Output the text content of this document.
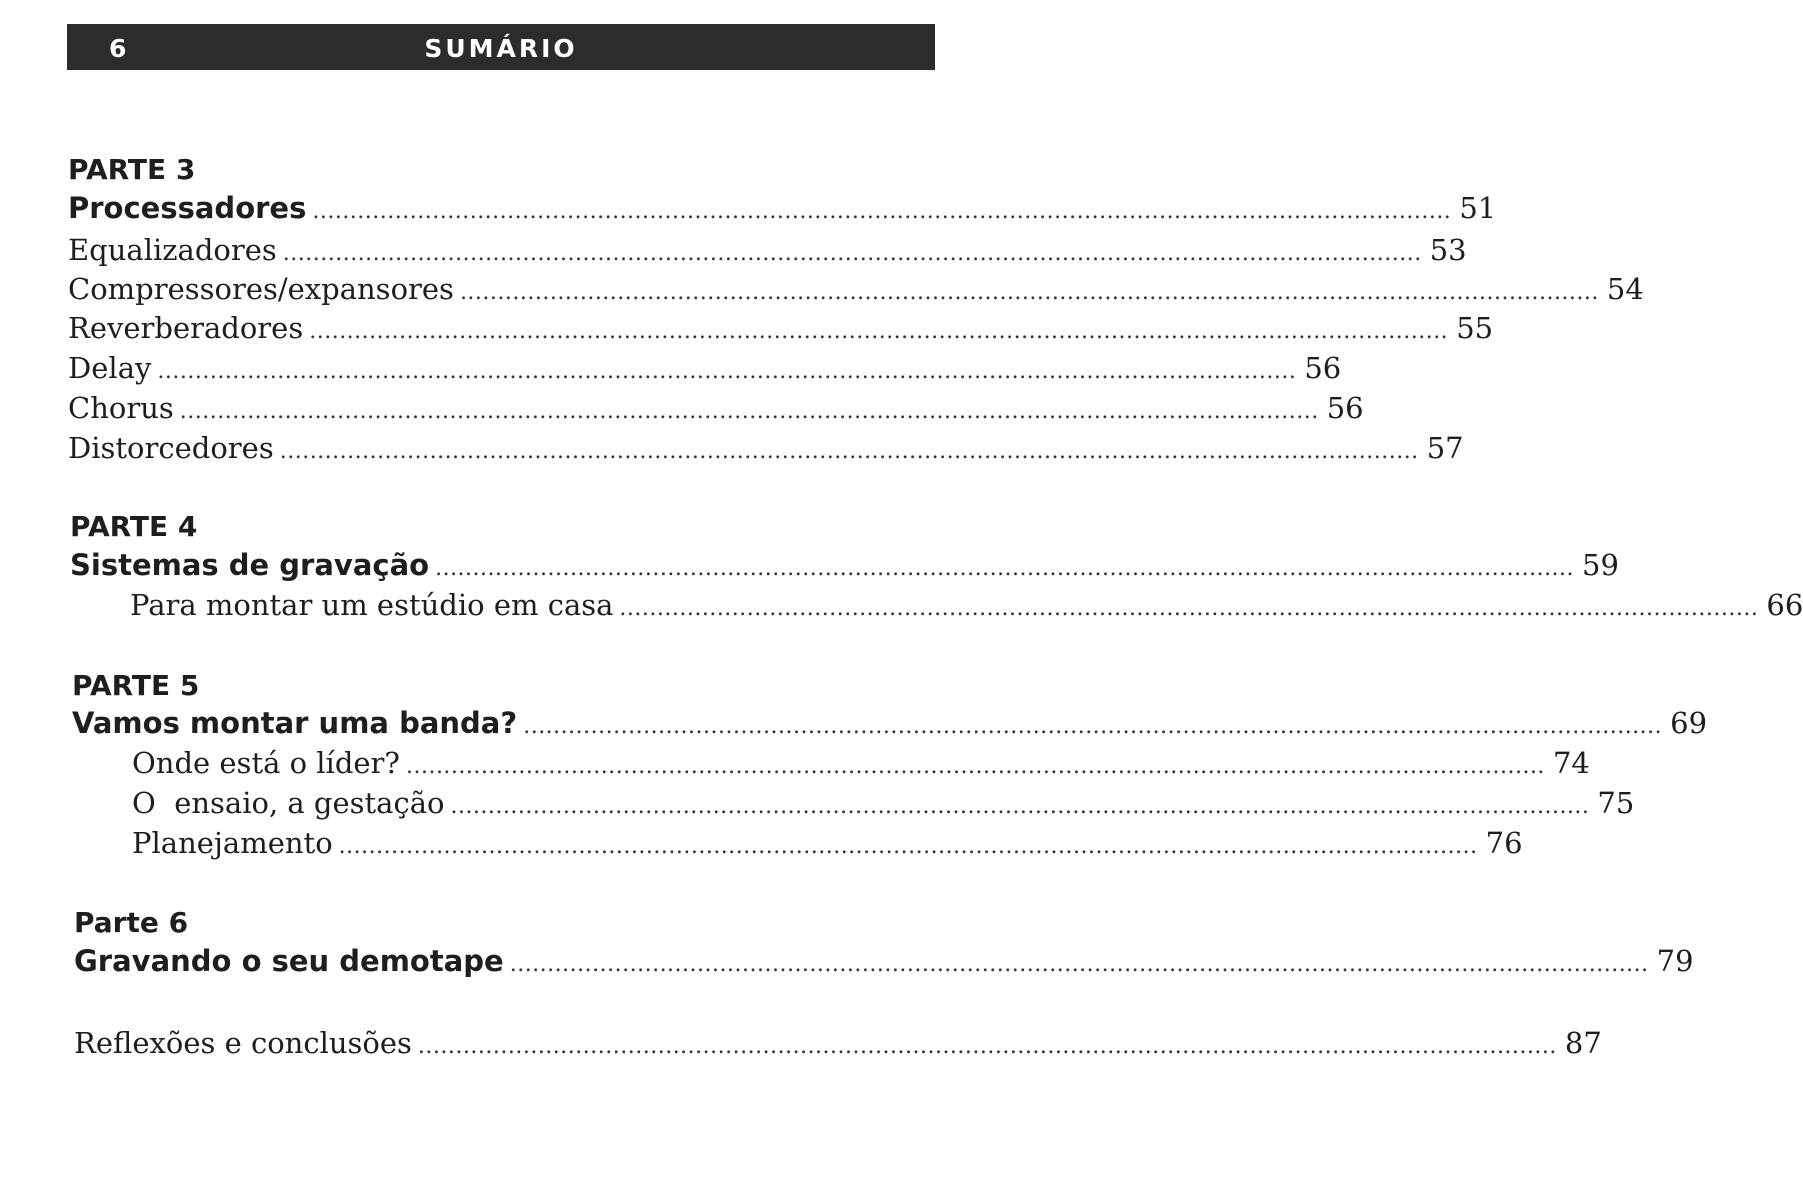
6	SUMÁRIO
PARTE 3
Processadores ........................................................................................................................................................ 51
Equalizadores ........................................................................................................................................................ 53
Compressores/expansores ........................................................................................................................................................ 54
Reverberadores ........................................................................................................................................................ 55
Delay ........................................................................................................................................................ 56
Chorus ........................................................................................................................................................ 56
Distorcedores ........................................................................................................................................................ 57
PARTE 4
Sistemas de gravação ........................................................................................................................................................ 59
Para montar um estúdio em casa ........................................................................................................................................................ 66
PARTE 5
Vamos montar uma banda? ........................................................................................................................................................ 69
Onde está o líder? ........................................................................................................................................................ 74
O  ensaio, a gestação ........................................................................................................................................................ 75
Planejamento ........................................................................................................................................................ 76
Parte 6
Gravando o seu demotape ........................................................................................................................................................ 79
Reflexões e conclusões ........................................................................................................................................................ 87
